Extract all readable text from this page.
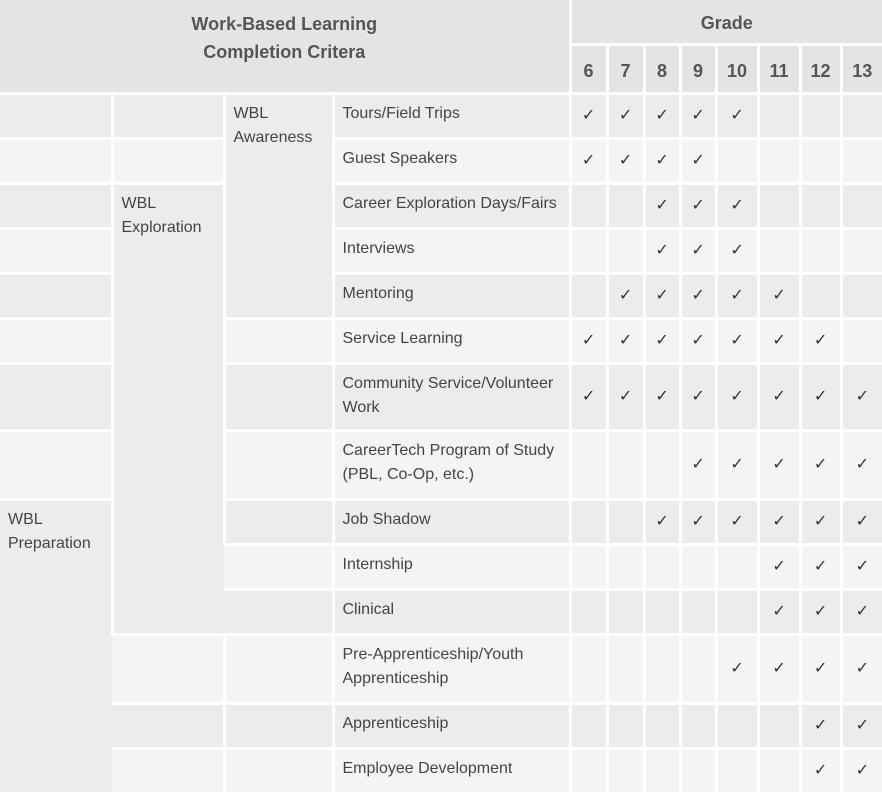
Work-Based Learning
Completion Critera				Grade							
				6	7	8	9	10	11	12	13
		WBL Awareness	Tours/Field Trips	✓	✓	✓	✓	✓			
			Guest Speakers	✓	✓	✓	✓				
	WBL Exploration		Career Exploration Days/Fairs			✓	✓	✓			
			Interviews			✓	✓	✓			
			Mentoring		✓	✓	✓	✓	✓		
			Service Learning	✓	✓	✓	✓	✓	✓	✓	
			Community Service/Volunteer Work	✓	✓	✓	✓	✓	✓	✓	✓
			CareerTech Program of Study (PBL, Co-Op, etc.)				✓	✓	✓	✓	✓
WBL Preparation			Job Shadow			✓	✓	✓	✓	✓	✓
			Internship						✓	✓	✓
			Clinical						✓	✓	✓
			Pre-Apprenticeship/Youth Apprenticeship					✓	✓	✓	✓
			Apprenticeship							✓	✓
			Employee Development							✓	✓
